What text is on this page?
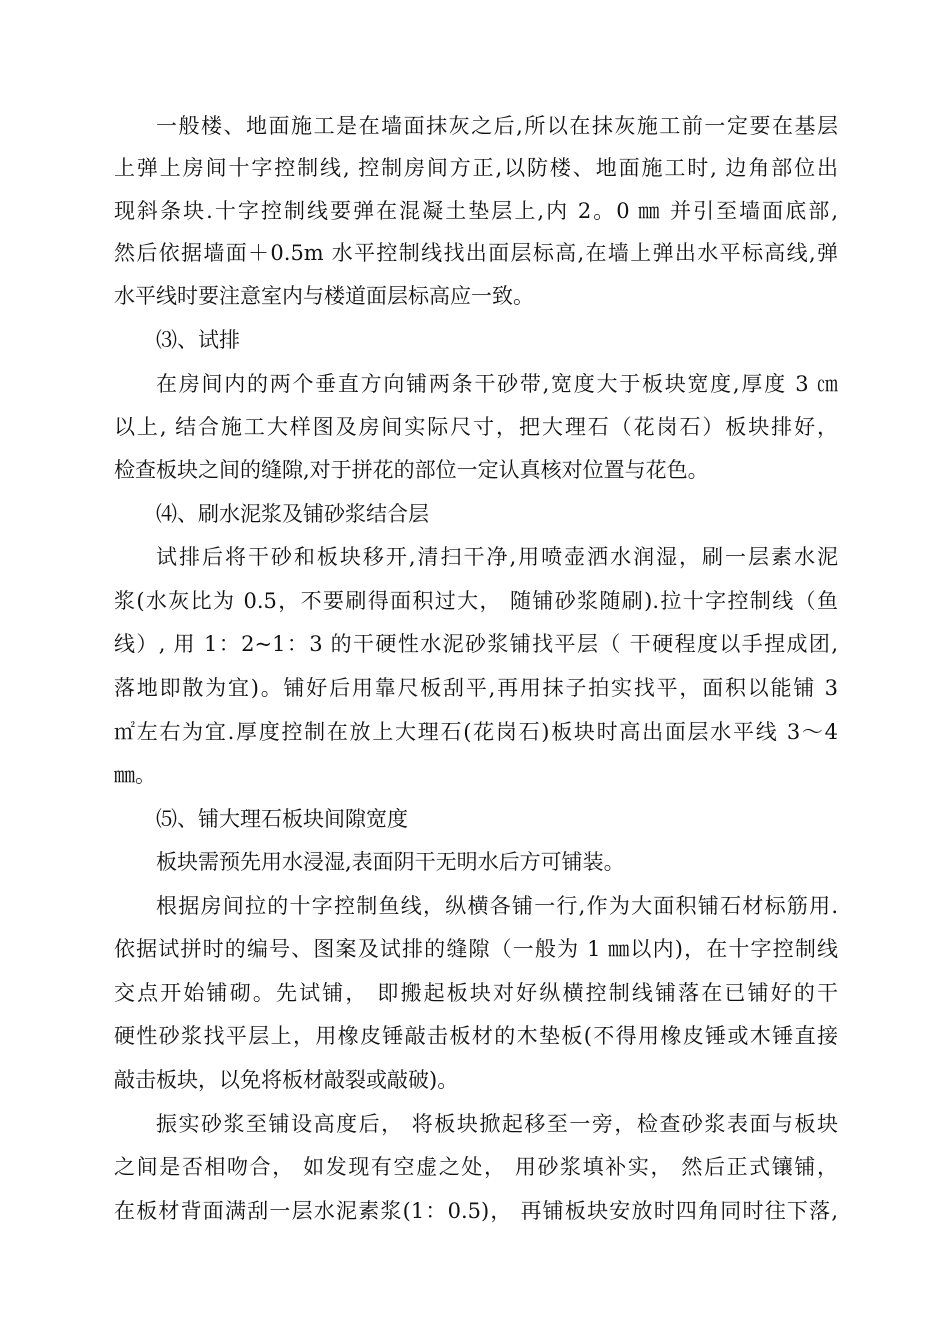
一般楼、地面施工是在墙面抹灰之后,所以在抹灰施工前一定要在基层
上弹上房间十字控制线, 控制房间方正,以防楼、地面施工时, 边角部位出
现斜条块.十字控制线要弹在混凝土垫层上,内 2。0 ㎜ 并引至墙面底部,
然后依据墙面＋0.5m 水平控制线找出面层标高,在墙上弹出水平标高线,弹
水平线时要注意室内与楼道面层标高应一致。
⑶、试排
在房间内的两个垂直方向铺两条干砂带,宽度大于板块宽度,厚度 3 ㎝
以上, 结合施工大样图及房间实际尺寸，把大理石（花岗石）板块排好，
检查板块之间的缝隙,对于拼花的部位一定认真核对位置与花色。
⑷、刷水泥浆及铺砂浆结合层
试排后将干砂和板块移开,清扫干净,用喷壶洒水润湿，刷一层素水泥
浆(水灰比为 0.5，不要刷得面积过大， 随铺砂浆随刷).拉十字控制线（鱼
线）, 用 1：2~1：3 的干硬性水泥砂浆铺找平层（ 干硬程度以手捏成团,
落地即散为宜)。铺好后用靠尺板刮平,再用抹子拍实找平，面积以能铺 3
㎡左右为宜.厚度控制在放上大理石(花岗石)板块时高出面层水平线 3～4
㎜。
⑸、铺大理石板块间隙宽度
板块需预先用水浸湿,表面阴干无明水后方可铺装。
根据房间拉的十字控制鱼线，纵横各铺一行,作为大面积铺石材标筋用.
依据试拼时的编号、图案及试排的缝隙（一般为 1 ㎜以内)，在十字控制线
交点开始铺砌。先试铺， 即搬起板块对好纵横控制线铺落在已铺好的干
硬性砂浆找平层上，用橡皮锤敲击板材的木垫板(不得用橡皮锤或木锤直接
敲击板块，以免将板材敲裂或敲破)。
振实砂浆至铺设高度后， 将板块掀起移至一旁，检查砂浆表面与板块
之间是否相吻合， 如发现有空虚之处， 用砂浆填补实， 然后正式镶铺，
在板材背面满刮一层水泥素浆(1：0.5)， 再铺板块安放时四角同时往下落,
